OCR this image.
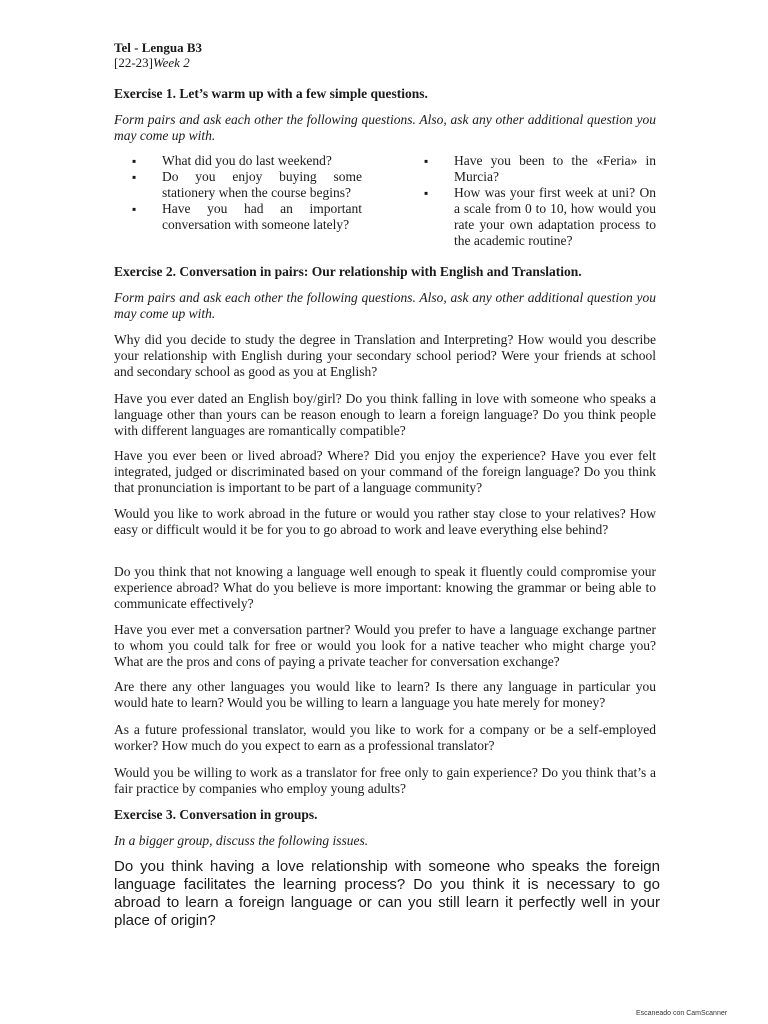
Tel - Lengua B3
[22-23]Week 2
Exercise 1. Let’s warm up with a few simple questions.
Form pairs and ask each other the following questions. Also, ask any other additional question you may come up with.
▪ What did you do last weekend?
▪ Do you enjoy buying some stationery when the course begins?
▪ Have you had an important conversation with someone lately?
▪ Have you been to the «Feria» in Murcia?
▪ How was your first week at uni? On a scale from 0 to 10, how would you rate your own adaptation process to the academic routine?
Exercise 2. Conversation in pairs: Our relationship with English and Translation.
Form pairs and ask each other the following questions. Also, ask any other additional question you may come up with.
Why did you decide to study the degree in Translation and Interpreting? How would you describe your relationship with English during your secondary school period? Were your friends at school and secondary school as good as you at English?
Have you ever dated an English boy/girl? Do you think falling in love with someone who speaks a language other than yours can be reason enough to learn a foreign language? Do you think people with different languages are romantically compatible?
Have you ever been or lived abroad? Where? Did you enjoy the experience? Have you ever felt integrated, judged or discriminated based on your command of the foreign language? Do you think that pronunciation is important to be part of a language community?
Would you like to work abroad in the future or would you rather stay close to your relatives? How easy or difficult would it be for you to go abroad to work and leave everything else behind?
Do you think that not knowing a language well enough to speak it fluently could compromise your experience abroad? What do you believe is more important: knowing the grammar or being able to communicate effectively?
Have you ever met a conversation partner? Would you prefer to have a language exchange partner to whom you could talk for free or would you look for a native teacher who might charge you? What are the pros and cons of paying a private teacher for conversation exchange?
Are there any other languages you would like to learn? Is there any language in particular you would hate to learn? Would you be willing to learn a language you hate merely for money?
As a future professional translator, would you like to work for a company or be a self-employed worker? How much do you expect to earn as a professional translator?
Would you be willing to work as a translator for free only to gain experience? Do you think that’s a fair practice by companies who employ young adults?
Exercise 3. Conversation in groups.
In a bigger group, discuss the following issues.
Do you think having a love relationship with someone who speaks the foreign language facilitates the learning process? Do you think it is necessary to go abroad to learn a foreign language or can you still learn it perfectly well in your place of origin?
Escaneado con CamScanner
